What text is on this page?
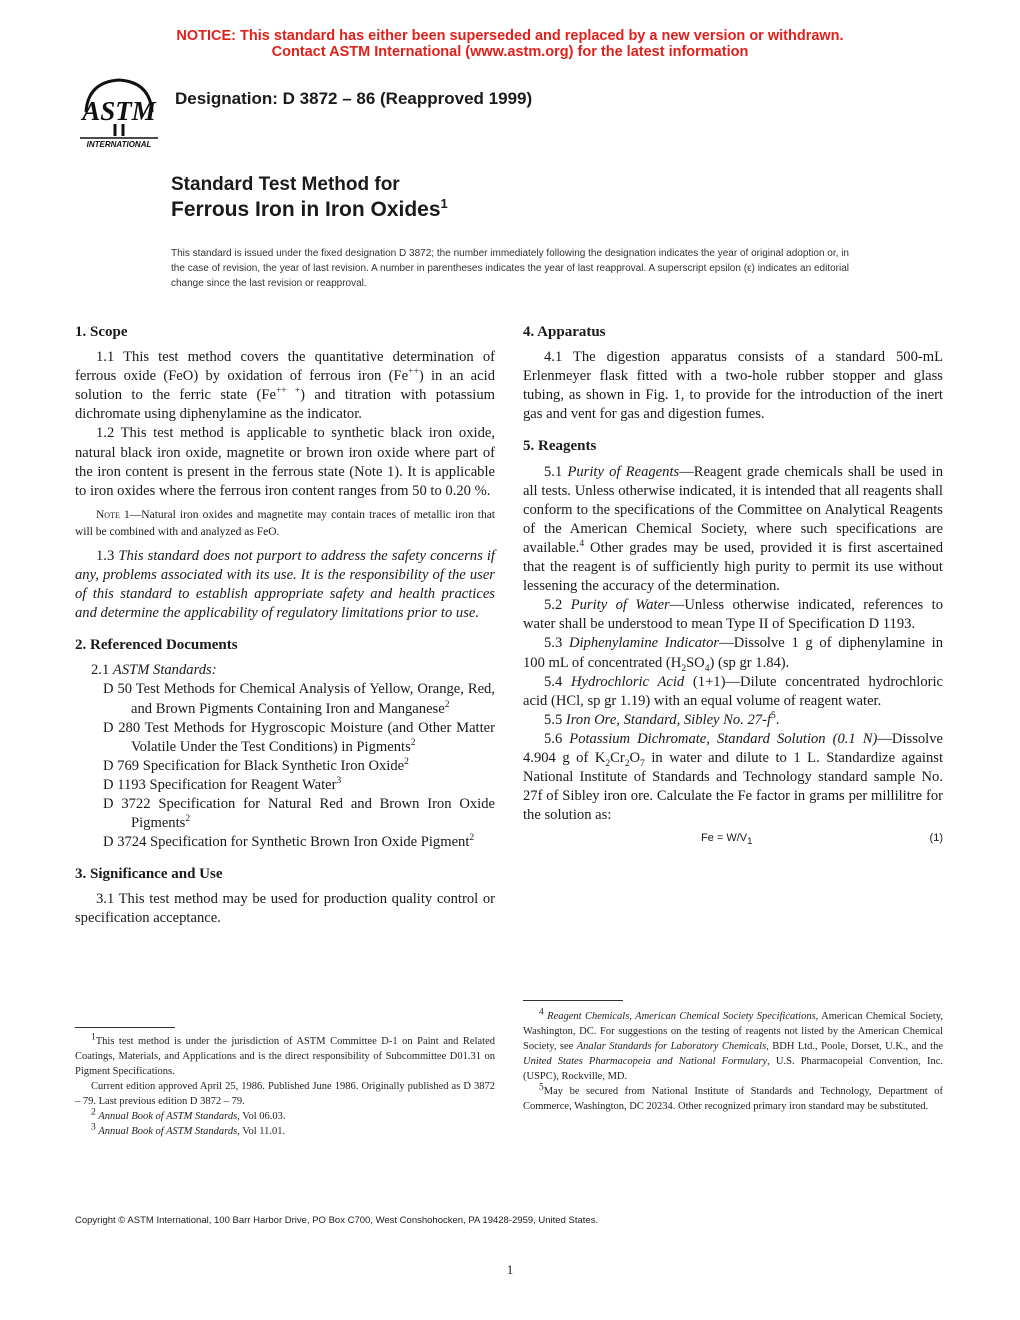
NOTICE: This standard has either been superseded and replaced by a new version or withdrawn.
Contact ASTM International (www.astm.org) for the latest information
ASTM
INTERNATIONAL
Designation: D 3872 – 86 (Reapproved 1999)
Standard Test Method for
Ferrous Iron in Iron Oxides$^1$
This standard is issued under the fixed designation D 3872; the number immediately following the designation indicates the year of original adoption or, in the case of revision, the year of last revision. A number in parentheses indicates the year of last reapproval. A superscript epsilon (ε) indicates an editorial change since the last revision or reapproval.
1. Scope

1.1 This test method covers the quantitative determination of ferrous oxide (FeO) by oxidation of ferrous iron (Fe++) in an acid solution to the ferric state (Fe++ +) and titration with potassium dichromate using diphenylamine as the indicator.

1.2 This test method is applicable to synthetic black iron oxide, natural black iron oxide, magnetite or brown iron oxide where part of the iron content is present in the ferrous state (Note 1). It is applicable to iron oxides where the ferrous iron content ranges from 50 to 0.20 %.

Note 1—Natural iron oxides and magnetite may contain traces of metallic iron that will be combined with and analyzed as FeO.

1.3 This standard does not purport to address the safety concerns if any, problems associated with its use. It is the responsibility of the user of this standard to establish appropriate safety and health practices and determine the applicability of regulatory limitations prior to use.

2. Referenced Documents

2.1 ASTM Standards:

D 50 Test Methods for Chemical Analysis of Yellow, Orange, Red, and Brown Pigments Containing Iron and Manganese$^2$

D 280 Test Methods for Hygroscopic Moisture (and Other Matter Volatile Under the Test Conditions) in Pigments$^2$

D 769 Specification for Black Synthetic Iron Oxide$^2$

D 1193 Specification for Reagent Water$^3$

D 3722 Specification for Natural Red and Brown Iron Oxide Pigments$^2$

D 3724 Specification for Synthetic Brown Iron Oxide Pigment$^2$

3. Significance and Use

3.1 This test method may be used for production quality control or specification acceptance.

4. Apparatus

4.1 The digestion apparatus consists of a standard 500-mL Erlenmeyer flask fitted with a two-hole rubber stopper and glass tubing, as shown in Fig. 1, to provide for the introduction of the inert gas and vent for gas and digestion fumes.

5. Reagents

5.1 Purity of Reagents—Reagent grade chemicals shall be used in all tests. Unless otherwise indicated, it is intended that all reagents shall conform to the specifications of the Committee on Analytical Reagents of the American Chemical Society, where such specifications are available.$^4$ Other grades may be used, provided it is first ascertained that the reagent is of sufficiently high purity to permit its use without lessening the accuracy of the determination.

5.2 Purity of Water—Unless otherwise indicated, references to water shall be understood to mean Type II of Specification D 1193.

5.3 Diphenylamine Indicator—Dissolve 1 g of diphenylamine in 100 mL of concentrated $(H_2SO_4)$ (sp gr 1.84).

5.4 Hydrochloric Acid (1+1)—Dilute concentrated hydrochloric acid (HCl, sp gr 1.19) with an equal volume of reagent water.

5.5 Iron Ore, Standard, Sibley No. $27-f^5$.

5.6 Potassium Dichromate, Standard Solution (0.1 N)—Dissolve 4.904 g of $K_2Cr_2O_7$ in water and dilute to 1 L. Standardize against National Institute of Standards and Technology standard sample No. 27f of Sibley iron ore. Calculate the Fe factor in grams per millilitre for the solution as:

$Fe = W/V_1$	(1)

$^1$This test method is under the jurisdiction of ASTM Committee D-1 on Paint and Related Coatings, Materials, and Applications and is the direct responsibility of Subcommittee D01.31 on Pigment Specifications.

Current edition approved April 25, 1986. Published June 1986. Originally published as D 3872 – 79. Last previous edition D 3872 – 79.

$^2$ Annual Book of ASTM Standards, Vol 06.03.

$^3$ Annual Book of ASTM Standards, Vol 11.01.

$^4$ Reagent Chemicals, American Chemical Society Specifications, American Chemical Society, Washington, DC. For suggestions on the testing of reagents not listed by the American Chemical Society, see Analar Standards for Laboratory Chemicals, BDH Ltd., Poole, Dorset, U.K., and the United States Pharmacopeia and National Formulary, U.S. Pharmacopeial Convention, Inc. (USPC), Rockville, MD.

$^5$May be secured from National Institute of Standards and Technology, Department of Commerce, Washington, DC 20234. Other recognized primary iron standard may be substituted.

Copyright © ASTM International, 100 Barr Harbor Drive, PO Box C700, West Conshohocken, PA 19428-2959, United States.
1
